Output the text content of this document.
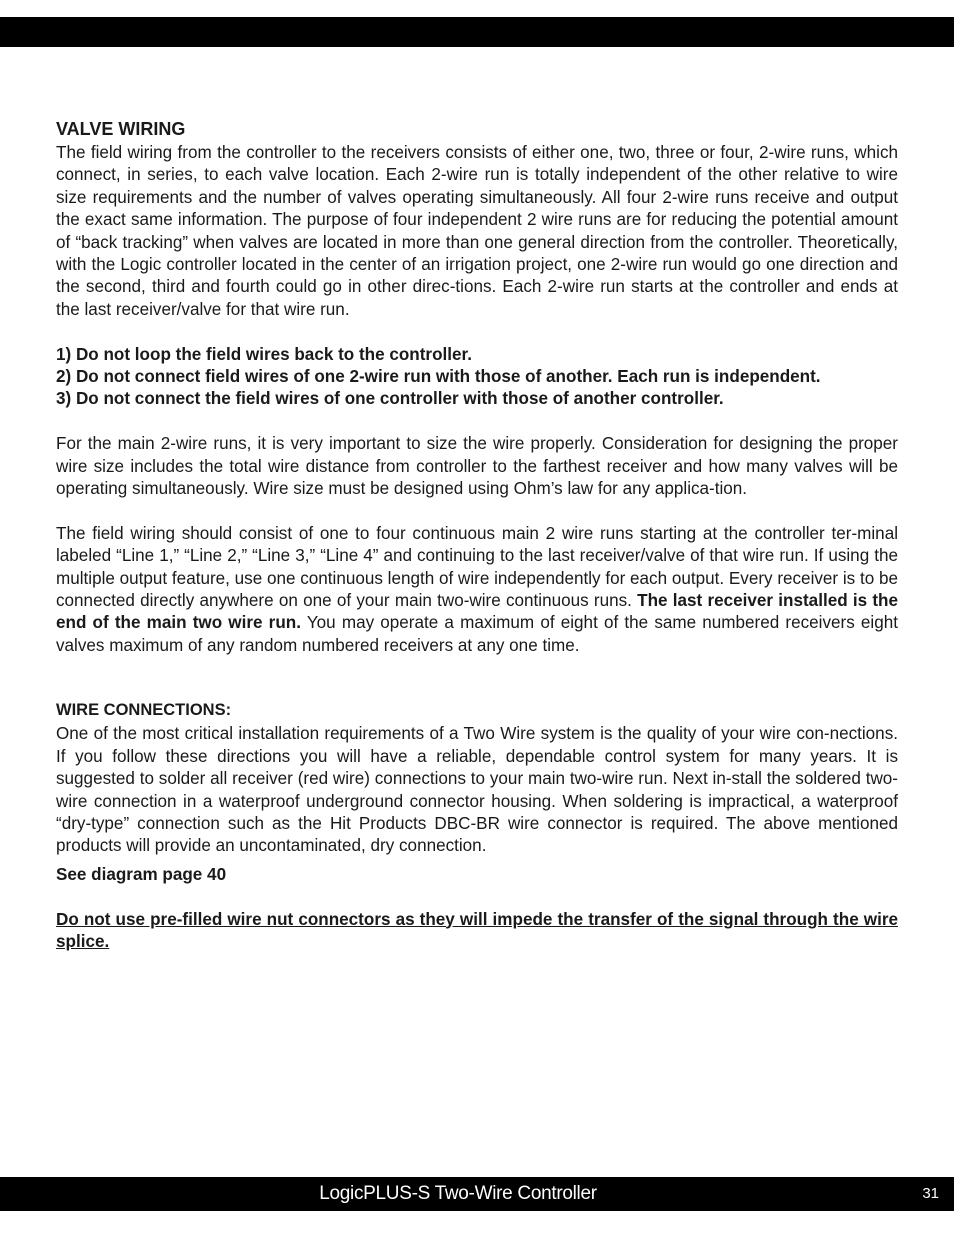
VALVE WIRING

The field wiring from the controller to the receivers consists of either one, two, three or four, 2-wire runs, which connect, in series, to each valve location. Each 2-wire run is totally independent of the other relative to wire size requirements and the number of valves operating simultaneously. All four 2-wire runs receive and output the exact same information. The purpose of four independent 2 wire runs are for reducing the potential amount of “back tracking” when valves are located in more than one general direction from the controller. Theoretically, with the Logic controller located in the center of an irrigation project, one 2-wire run would go one direction and the second, third and fourth could go in other direc-tions. Each 2-wire run starts at the controller and ends at the last receiver/valve for that wire run.

1) Do not loop the field wires back to the controller.
2) Do not connect field wires of one 2-wire run with those of another. Each run is independent.
3) Do not connect the field wires of one controller with those of another controller.

For the main 2-wire runs, it is very important to size the wire properly. Consideration for designing the proper wire size includes the total wire distance from controller to the farthest receiver and how many valves will be operating simultaneously. Wire size must be designed using Ohm’s law for any applica-tion.

The field wiring should consist of one to four continuous main 2 wire runs starting at the controller ter-minal labeled “Line 1,” “Line 2,” “Line 3,” “Line 4” and continuing to the last receiver/valve of that wire run. If using the multiple output feature, use one continuous length of wire independently for each output. Every receiver is to be connected directly anywhere on one of your main two-wire continuous runs. The last receiver installed is the end of the main two wire run. You may operate a maximum of eight of the same numbered receivers eight valves maximum of any random numbered receivers at any one time.

WIRE CONNECTIONS:

One of the most critical installation requirements of a Two Wire system is the quality of your wire con-nections. If you follow these directions you will have a reliable, dependable control system for many years. It is suggested to solder all receiver (red wire) connections to your main two-wire run. Next in-stall the soldered two-wire connection in a waterproof underground connector housing. When soldering is impractical, a waterproof “dry-type” connection such as the Hit Products DBC-BR wire connector is required. The above mentioned products will provide an uncontaminated, dry connection.

See diagram page 40
Do not use pre-filled wire nut connectors as they will impede the transfer of the signal through the wire splice.
LogicPLUS-S Two-Wire Controller	31
